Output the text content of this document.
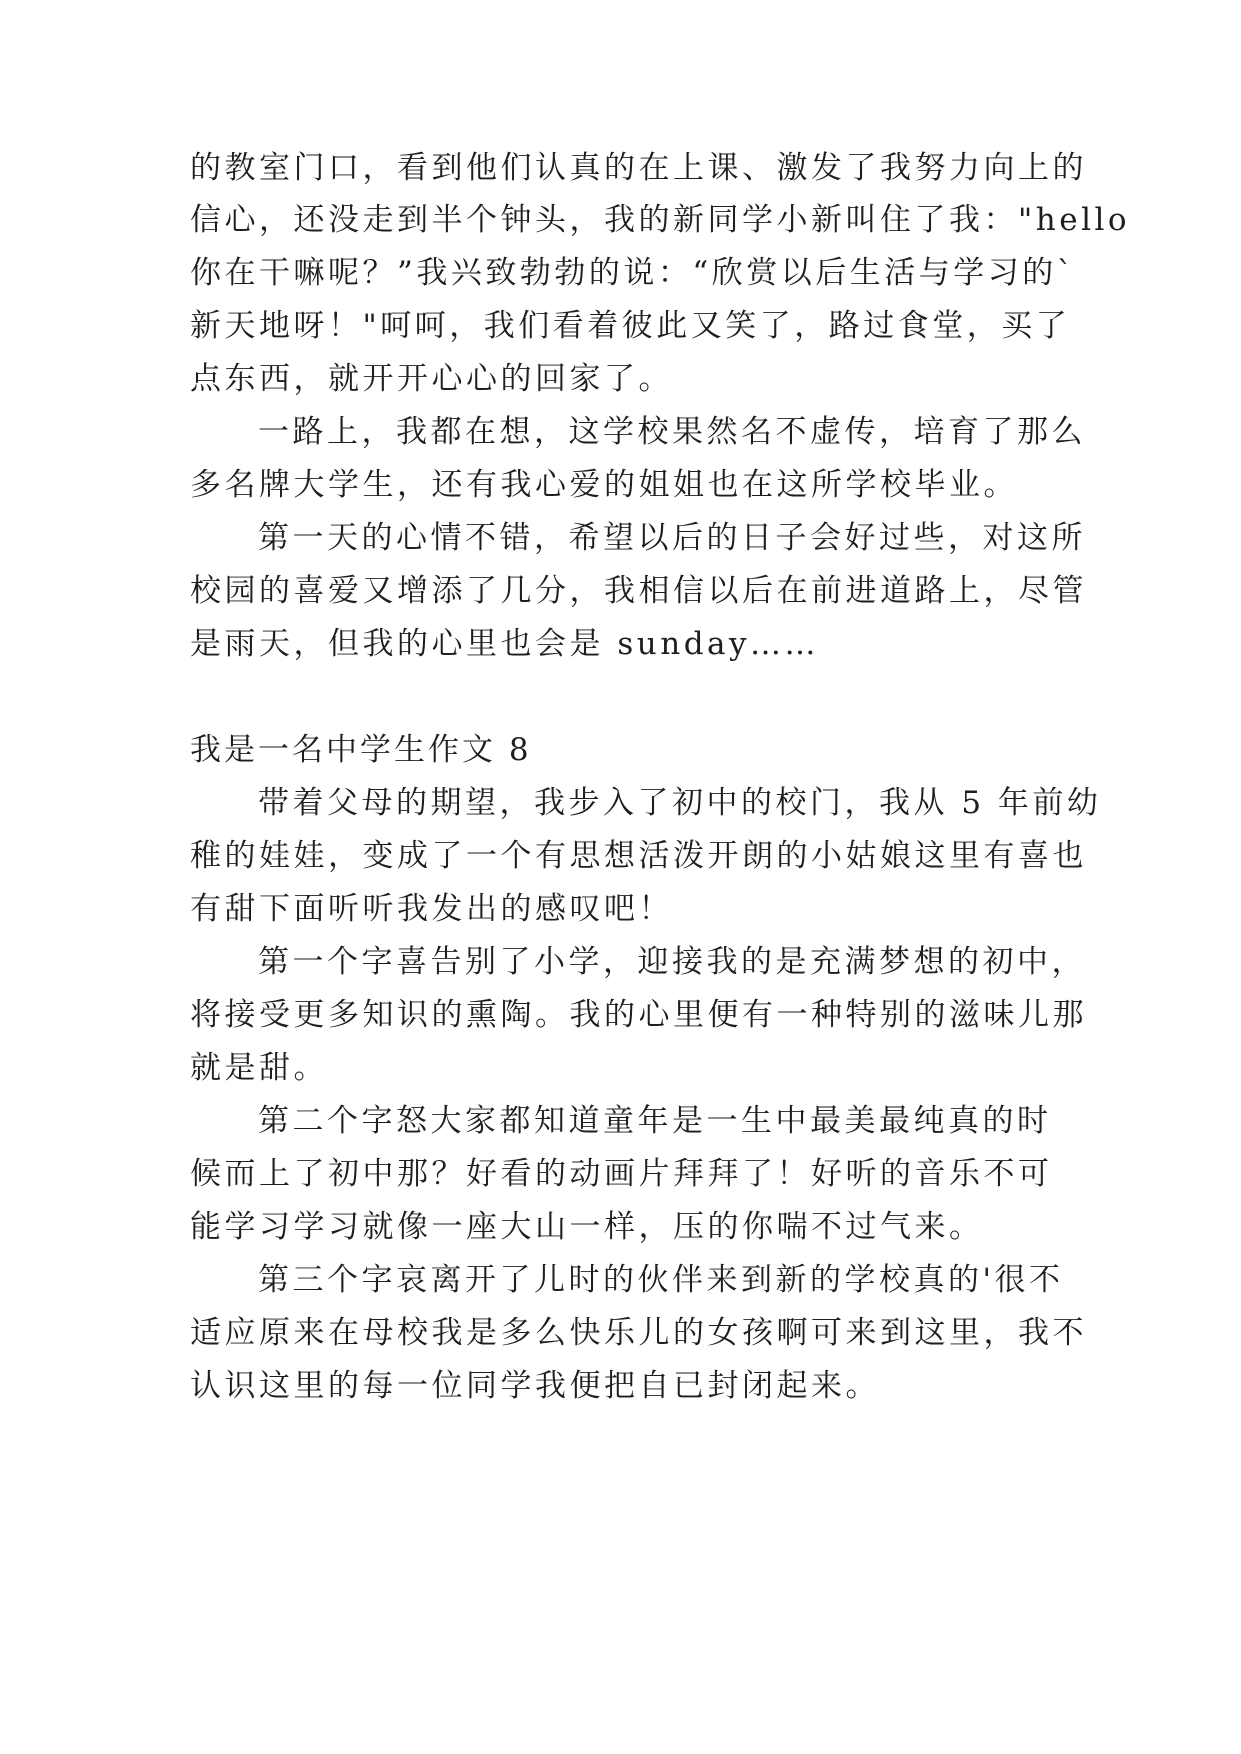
的教室门口，看到他们认真的在上课、激发了我努力向上的
信心，还没走到半个钟头，我的新同学小新叫住了我："hello
你在干嘛呢？”我兴致勃勃的说：“欣赏以后生活与学习的`
新天地呀！"呵呵，我们看着彼此又笑了，路过食堂，买了
点东西，就开开心心的回家了。
一路上，我都在想，这学校果然名不虚传，培育了那么
多名牌大学生，还有我心爱的姐姐也在这所学校毕业。
第一天的心情不错，希望以后的日子会好过些，对这所
校园的喜爱又增添了几分，我相信以后在前进道路上，尽管
是雨天，但我的心里也会是 sunday……
我是一名中学生作文 8
带着父母的期望，我步入了初中的校门，我从 5 年前幼
稚的娃娃，变成了一个有思想活泼开朗的小姑娘这里有喜也
有甜下面听听我发出的感叹吧！
第一个字喜告别了小学，迎接我的是充满梦想的初中，
将接受更多知识的熏陶。我的心里便有一种特别的滋味儿那
就是甜。
第二个字怒大家都知道童年是一生中最美最纯真的时
候而上了初中那？好看的动画片拜拜了！好听的音乐不可
能学习学习就像一座大山一样，压的你喘不过气来。
第三个字哀离开了儿时的伙伴来到新的学校真的'很不
适应原来在母校我是多么快乐儿的女孩啊可来到这里，我不
认识这里的每一位同学我便把自已封闭起来。
